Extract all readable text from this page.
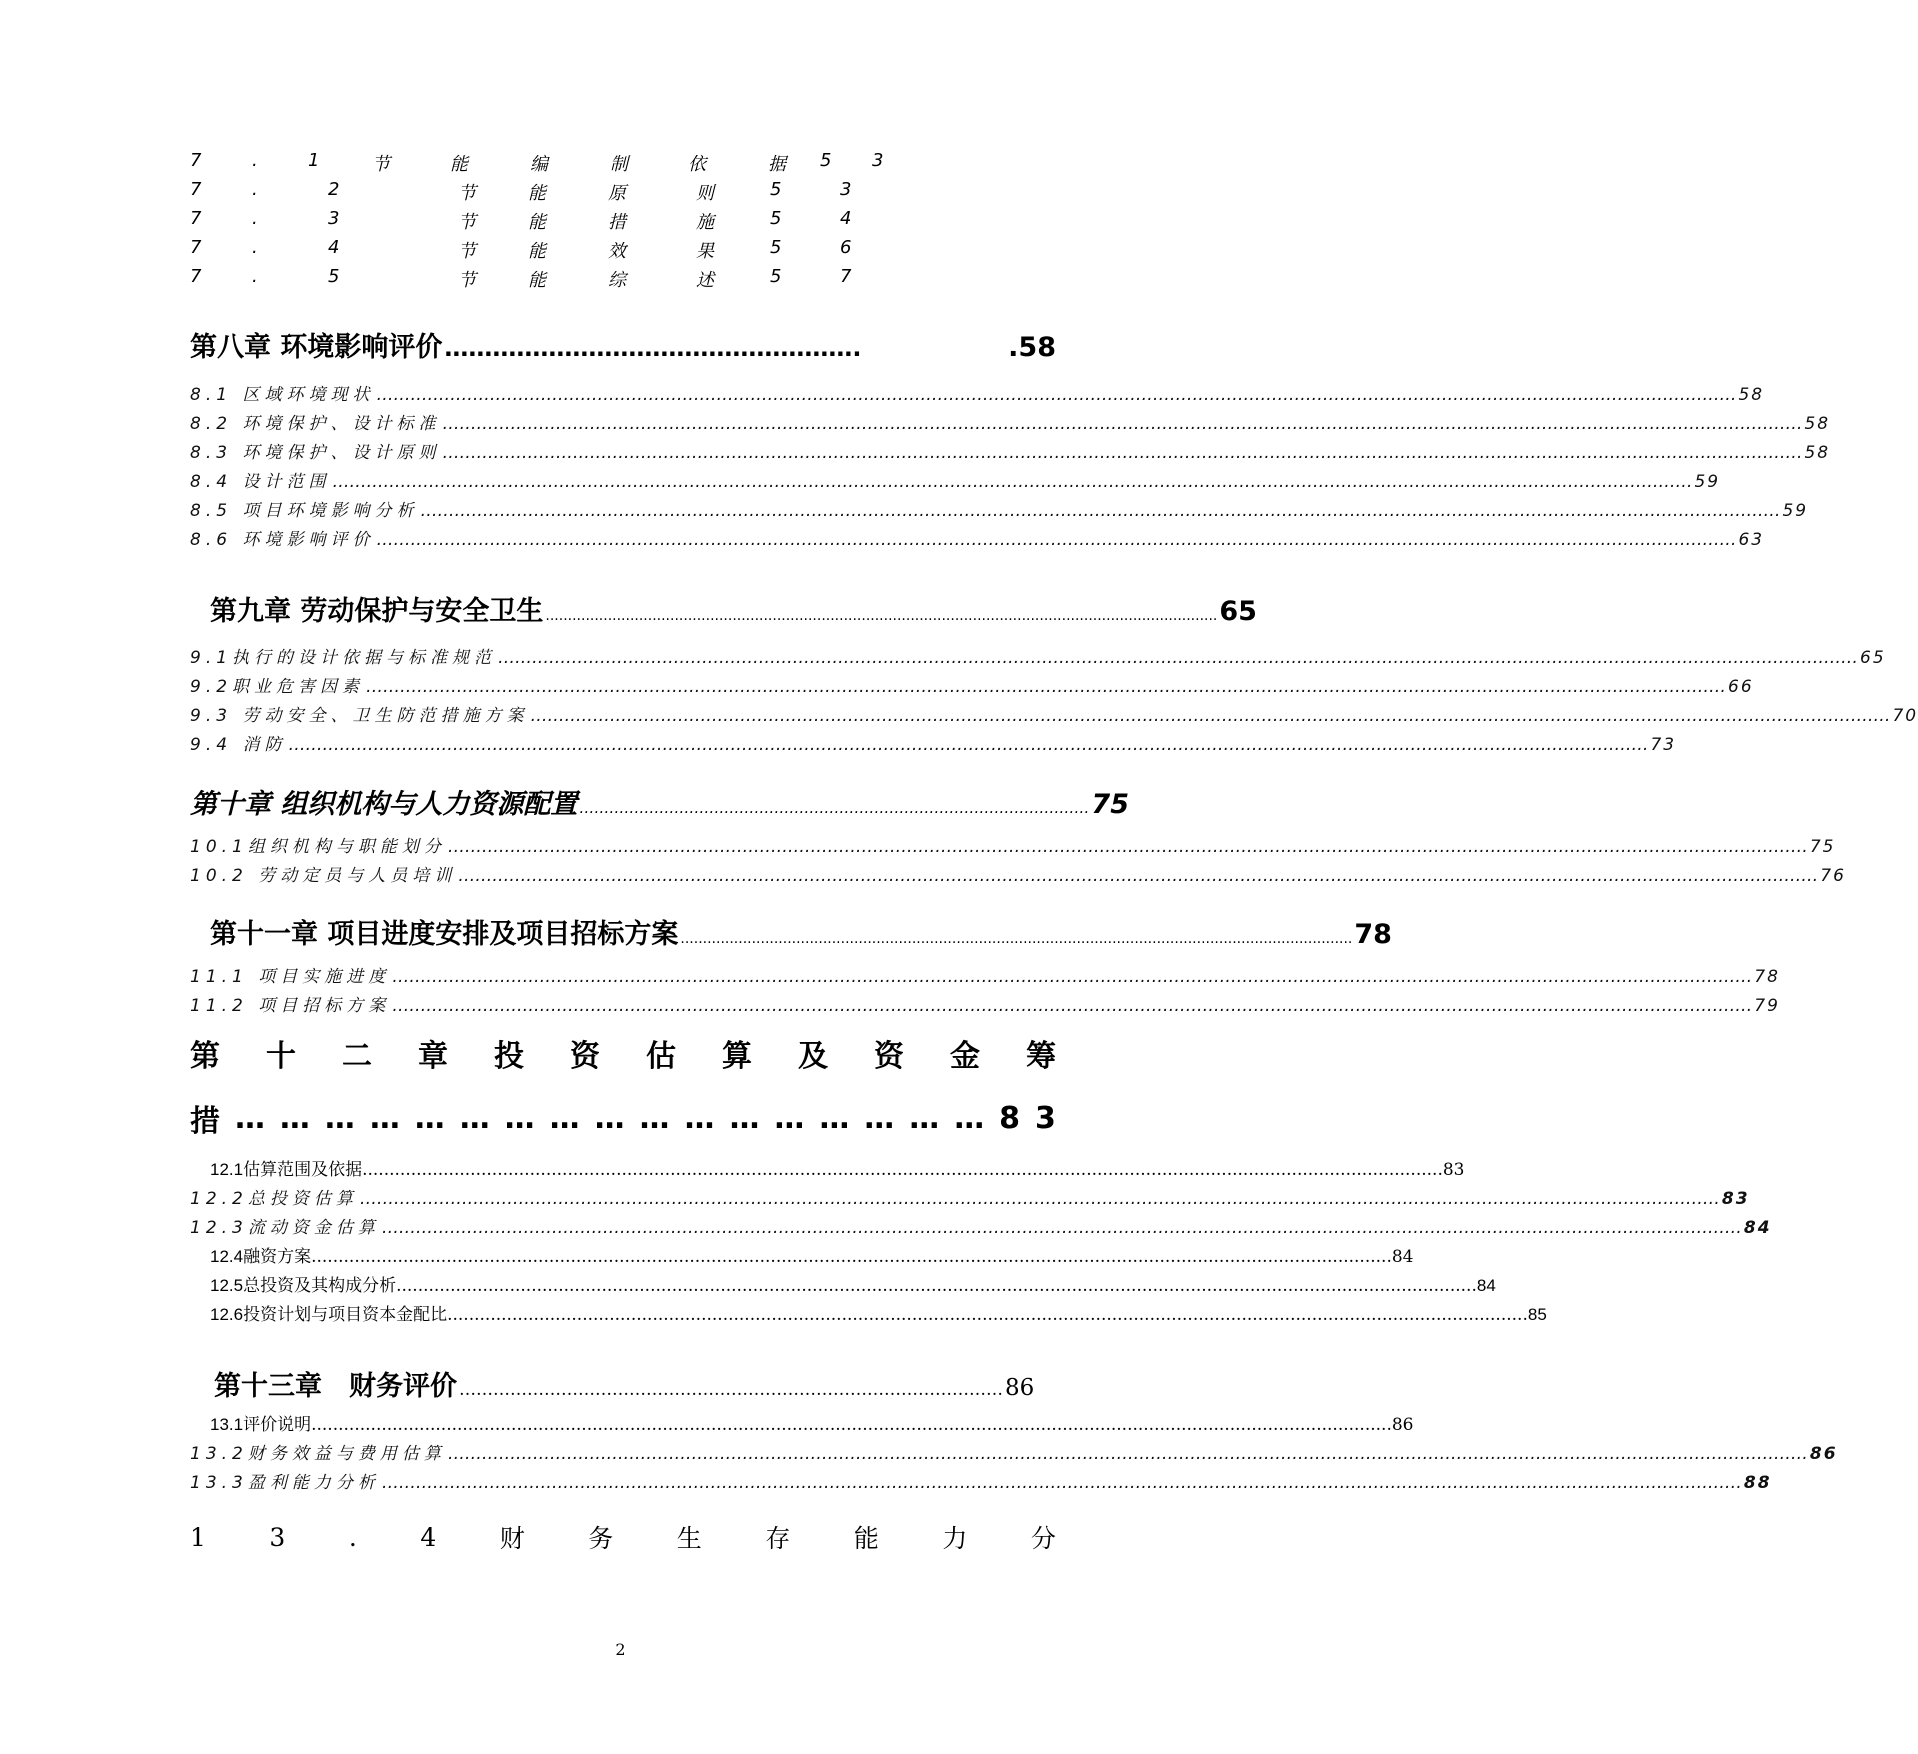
7	.	1	节	能	编	制	依	据 5 3
7	.	2	节	能	原	则	5	3
7	.	3	节	能	措	施	5	4
7	.	4	节	能	效	果	5	6
7	.	5	节	能	综	述	5	7
第八章 环境影响评价 …………………………………………….	.58
8.1 区域环境现状 …………………………………………………………………………………………………………………………………………………………………………………………………………………… 58
8.2 环境保护、设计标准 …………………………………………………………………………………………………………………………………………………………………………………………………………………… 58
8.3 环境保护、设计原则 …………………………………………………………………………………………………………………………………………………………………………………………………………………… 58
8.4 设计范围 …………………………………………………………………………………………………………………………………………………………………………………………………………………… 59
8.5 项目环境影响分析 …………………………………………………………………………………………………………………………………………………………………………………………………………………… 59
8.6 环境影响评价 …………………………………………………………………………………………………………………………………………………………………………………………………………………… 63
第九章 劳动保护与安全卫生 ....................................................................................................................................................... 65
9.1执行的设计依据与标准规范 …………………………………………………………………………………………………………………………………………………………………………………………………………………… 65
9.2职业危害因素 …………………………………………………………………………………………………………………………………………………………………………………………………………………… 66
9.3 劳动安全、卫生防范措施方案 …………………………………………………………………………………………………………………………………………………………………………………………………………………… 70
9.4 消防 …………………………………………………………………………………………………………………………………………………………………………………………………………………… 73
第十章 组织机构与人力资源配置 ………………………………………………………………………………………… 75
10.1组织机构与职能划分 …………………………………………………………………………………………………………………………………………………………………………………………………………………… 75
10.2 劳动定员与人员培训 …………………………………………………………………………………………………………………………………………………………………………………………………………………… 76
第十一章 项目进度安排及项目招标方案 ....................................................................................................................................................... 78
11.1 项目实施进度 …………………………………………………………………………………………………………………………………………………………………………………………………………………… 78
11.2 项目招标方案 …………………………………………………………………………………………………………………………………………………………………………………………………………………… 79
第 十 二 章 投 资 估 算 及 资 金 筹
措 … … … … … … … … … … … … … … … … … 8 3
12.1 估算范围及依据 ........................................................................................................................................................................................................ 83
12.2总投资估算 …………………………………………………………………………………………………………………………………………………………………………………………………………………… 83
12.3流动资金估算 …………………………………………………………………………………………………………………………………………………………………………………………………………………… 84
12.4 融资方案 ........................................................................................................................................................................................................ 84
12.5 总投资及其构成分析 ........................................................................................................................................................................................................ 84
12.6 投资计划与项目资本金配比 ........................................................................................................................................................................................................ 85
第十三章　财务评价 …………………………………………………………………………………… 86
13.1 评价说明 ........................................................................................................................................................................................................ 86
13.2财务效益与费用估算 …………………………………………………………………………………………………………………………………………………………………………………………………………………… 86
13.3盈利能力分析 …………………………………………………………………………………………………………………………………………………………………………………………………………………… 88
1	3	.	4	财	务	生	存	能	力	分
2
